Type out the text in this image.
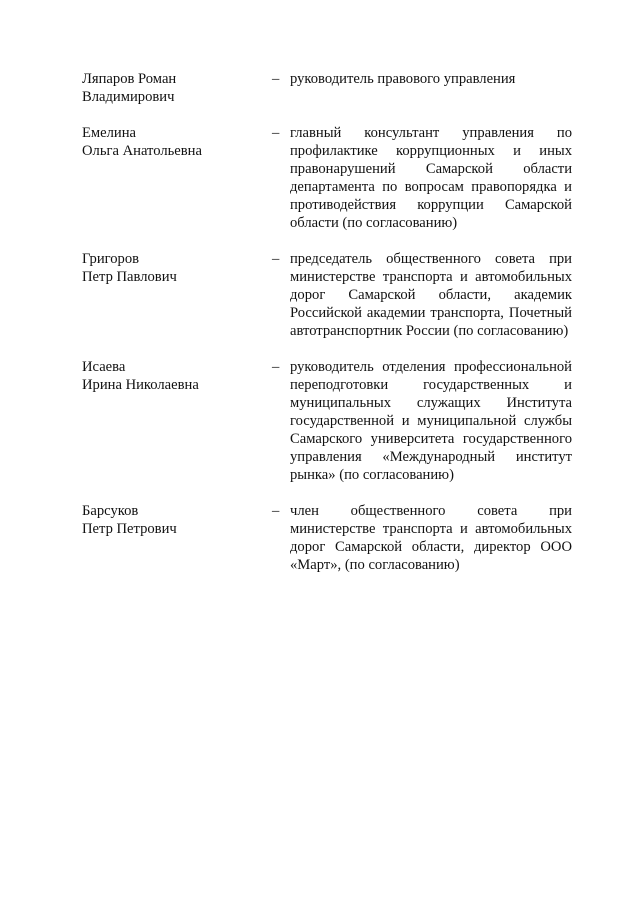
Ляпаров Роман
Владимирович
– руководитель правового управления
Емелина
Ольга Анатольевна
– главный консультант управления по профилактике коррупционных и иных правонарушений Самарской области департамента по вопросам правопорядка и противодействия коррупции Самарской области (по согласованию)
Григоров
Петр Павлович
– председатель общественного совета при министерстве транспорта и автомобильных дорог Самарской области, академик Российской академии транспорта, Почетный автотранспортник России (по согласованию)
Исаева
Ирина Николаевна
– руководитель отделения профессиональной переподготовки государственных и муниципальных служащих Института государственной и муниципальной службы Самарского университета государственного управления «Международный институт рынка» (по согласованию)
Барсуков
Петр Петрович
– член общественного совета при министерстве транспорта и автомобильных дорог Самарской области, директор ООО «Март», (по согласованию)
